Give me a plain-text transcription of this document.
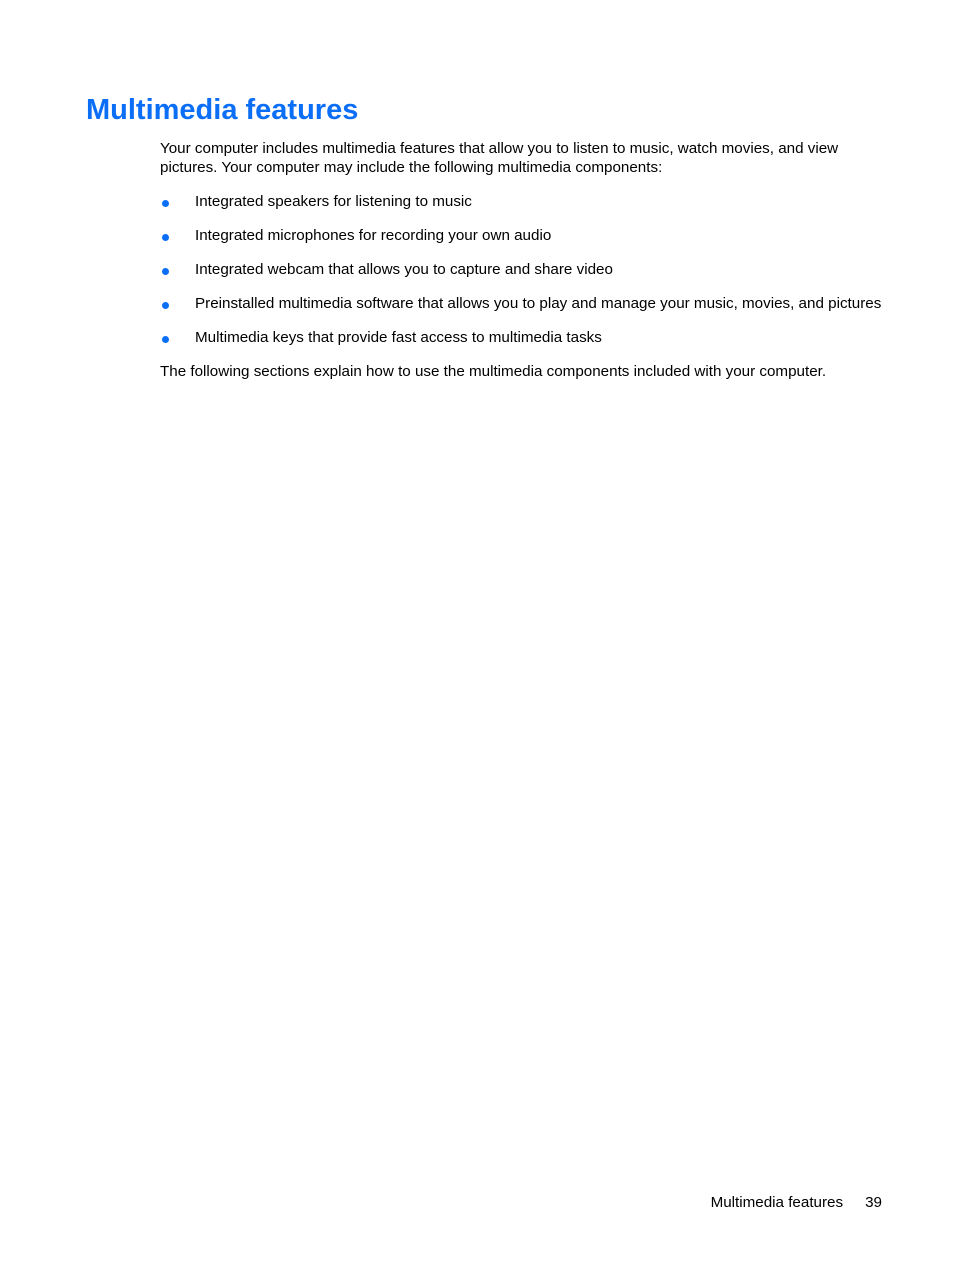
Multimedia features

Your computer includes multimedia features that allow you to listen to music, watch movies, and view pictures. Your computer may include the following multimedia components:

Integrated speakers for listening to music
Integrated microphones for recording your own audio
Integrated webcam that allows you to capture and share video
Preinstalled multimedia software that allows you to play and manage your music, movies, and pictures
Multimedia keys that provide fast access to multimedia tasks

The following sections explain how to use the multimedia components included with your computer.

Multimedia features 39
